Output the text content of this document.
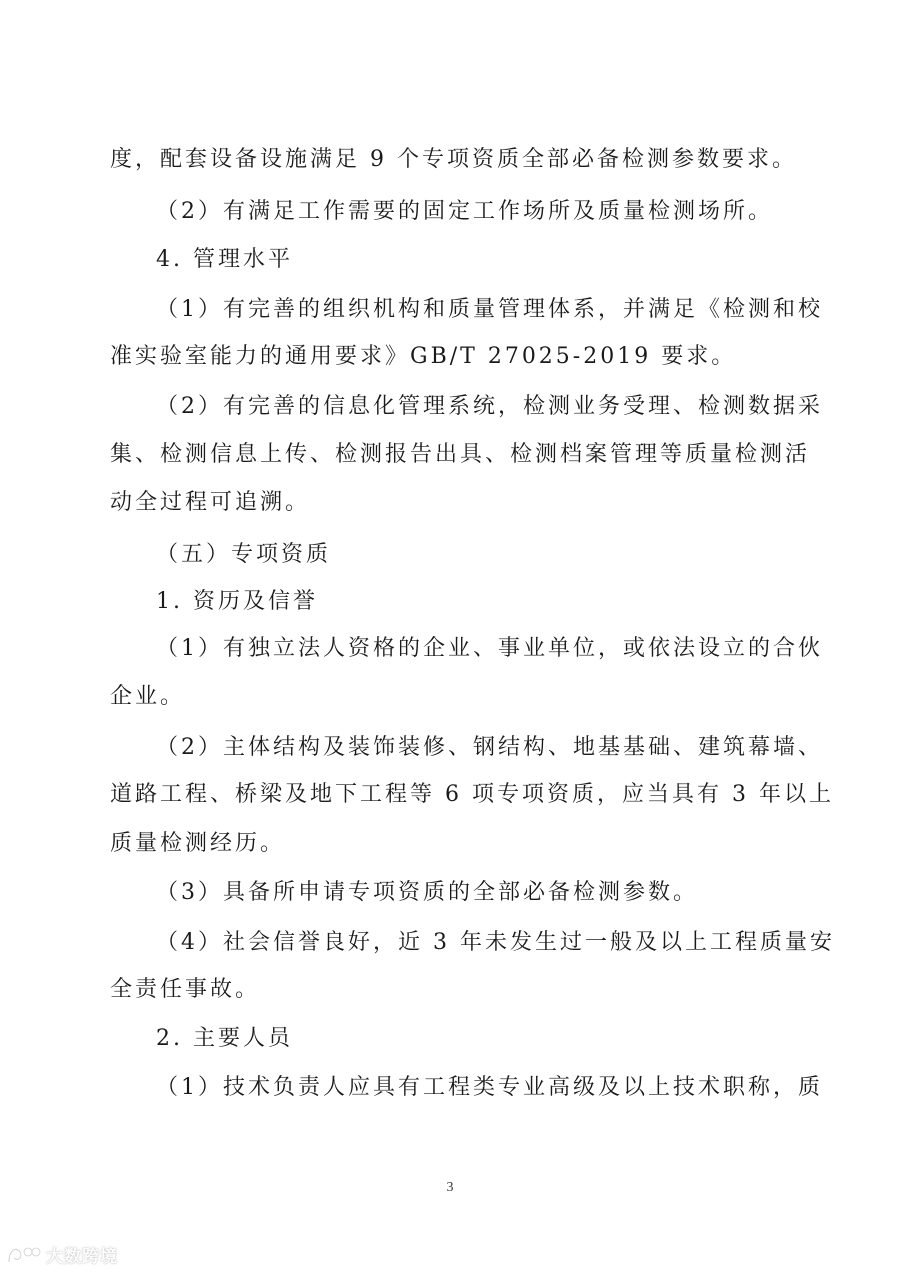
度，配套设备设施满足 9 个专项资质全部必备检测参数要求。
（2）有满足工作需要的固定工作场所及质量检测场所。
4. 管理水平
（1）有完善的组织机构和质量管理体系，并满足《检测和校
准实验室能力的通用要求》GB/T 27025-2019 要求。
（2）有完善的信息化管理系统，检测业务受理、检测数据采
集、检测信息上传、检测报告出具、检测档案管理等质量检测活
动全过程可追溯。
（五）专项资质
1. 资历及信誉
（1）有独立法人资格的企业、事业单位，或依法设立的合伙
企业。
（2）主体结构及装饰装修、钢结构、地基基础、建筑幕墙、
道路工程、桥梁及地下工程等 6 项专项资质，应当具有 3 年以上
质量检测经历。
（3）具备所申请专项资质的全部必备检测参数。
（4）社会信誉良好，近 3 年未发生过一般及以上工程质量安
全责任事故。
2. 主要人员
（1）技术负责人应具有工程类专业高级及以上技术职称，质
3
大数跨境
